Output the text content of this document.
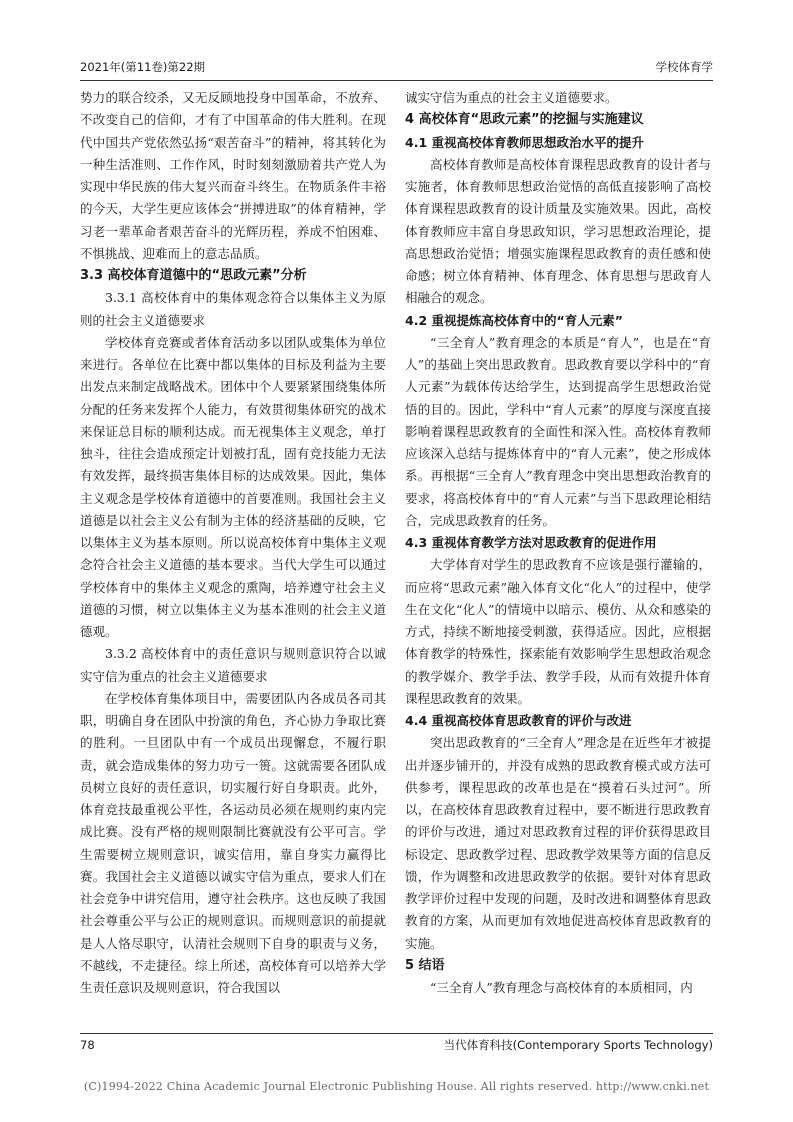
2021年(第11卷)第22期	学校体育学

势力的联合绞杀，又无反顾地投身中国革命，不放弃、不改变自己的信仰，才有了中国革命的伟大胜利。在现代中国共产党依然弘扬“艰苦奋斗”的精神，将其转化为一种生活准则、工作作风，时时刻刻激励着共产党人为实现中华民族的伟大复兴而奋斗终生。在物质条件丰裕的今天，大学生更应该体会“拼搏进取”的体育精神，学习老一辈革命者艰苦奋斗的光辉历程，养成不怕困难、不惧挑战、迎难而上的意志品质。

3.3 高校体育道德中的“思政元素”分析

3.3.1 高校体育中的集体观念符合以集体主义为原则的社会主义道德要求

学校体育竞赛或者体育活动多以团队或集体为单位来进行。各单位在比赛中都以集体的目标及利益为主要出发点来制定战略战术。团体中个人要紧紧围绕集体所分配的任务来发挥个人能力，有效贯彻集体研究的战术来保证总目标的顺利达成。而无视集体主义观念，单打独斗，往往会造成预定计划被打乱，固有竞技能力无法有效发挥，最终损害集体目标的达成效果。因此，集体主义观念是学校体育道德中的首要准则。我国社会主义道德是以社会主义公有制为主体的经济基础的反映，它以集体主义为基本原则。所以说高校体育中集体主义观念符合社会主义道德的基本要求。当代大学生可以通过学校体育中的集体主义观念的熏陶，培养遵守社会主义道德的习惯，树立以集体主义为基本准则的社会主义道德观。

3.3.2 高校体育中的责任意识与规则意识符合以诚实守信为重点的社会主义道德要求

在学校体育集体项目中，需要团队内各成员各司其职，明确自身在团队中扮演的角色，齐心协力争取比赛的胜利。一旦团队中有一个成员出现懈怠，不履行职责，就会造成集体的努力功亏一篑。这就需要各团队成员树立良好的责任意识，切实履行好自身职责。此外，体育竞技最重视公平性，各运动员必须在规则约束内完成比赛。没有严格的规则限制比赛就没有公平可言。学生需要树立规则意识，诚实信用，靠自身实力赢得比赛。我国社会主义道德以诚实守信为重点，要求人们在社会竞争中讲究信用，遵守社会秩序。这也反映了我国社会尊重公平与公正的规则意识。而规则意识的前提就是人人恪尽职守，认清社会规则下自身的职责与义务，不越线，不走捷径。综上所述，高校体育可以培养大学生责任意识及规则意识，符合我国以

诚实守信为重点的社会主义道德要求。

4 高校体育“思政元素”的挖掘与实施建议
4.1 重视高校体育教师思想政治水平的提升

高校体育教师是高校体育课程思政教育的设计者与实施者，体育教师思想政治觉悟的高低直接影响了高校体育课程思政教育的设计质量及实施效果。因此，高校体育教师应丰富自身思政知识，学习思想政治理论，提高思想政治觉悟；增强实施课程思政教育的责任感和使命感；树立体育精神、体育理念、体育思想与思政育人相融合的观念。

4.2 重视提炼高校体育中的“育人元素”

“三全育人”教育理念的本质是“育人”，也是在“育人”的基础上突出思政教育。思政教育要以学科中的“育人元素”为载体传达给学生，达到提高学生思想政治觉悟的目的。因此，学科中“育人元素”的厚度与深度直接影响着课程思政教育的全面性和深入性。高校体育教师应该深入总结与提炼体育中的“育人元素”，使之形成体系。再根据“三全育人”教育理念中突出思想政治教育的要求，将高校体育中的“育人元素”与当下思政理论相结合，完成思政教育的任务。

4.3 重视体育教学方法对思政教育的促进作用

大学体育对学生的思政教育不应该是强行灌输的，而应将“思政元素”融入体育文化“化人”的过程中，使学生在文化“化人”的情境中以暗示、模仿、从众和感染的方式，持续不断地接受刺激，获得适应。因此，应根据体育教学的特殊性，探索能有效影响学生思想政治观念的教学媒介、教学手法、教学手段，从而有效提升体育课程思政教育的效果。

4.4 重视高校体育思政教育的评价与改进

突出思政教育的“三全育人”理念是在近些年才被提出并逐步铺开的，并没有成熟的思政教育模式或方法可供参考，课程思政的改革也是在“摸着石头过河”。所以，在高校体育思政教育过程中，要不断进行思政教育的评价与改进，通过对思政教育过程的评价获得思政目标设定、思政教学过程、思政教学效果等方面的信息反馈，作为调整和改进思政教学的依据。要针对体育思政教学评价过程中发现的问题，及时改进和调整体育思政教育的方案，从而更加有效地促进高校体育思政教育的实施。

5 结语

“三全育人”教育理念与高校体育的本质相同，内

78	当代体育科技(Contemporary Sports Technology)
(C)1994-2022 China Academic Journal Electronic Publishing House. All rights reserved. http://www.cnki.net
